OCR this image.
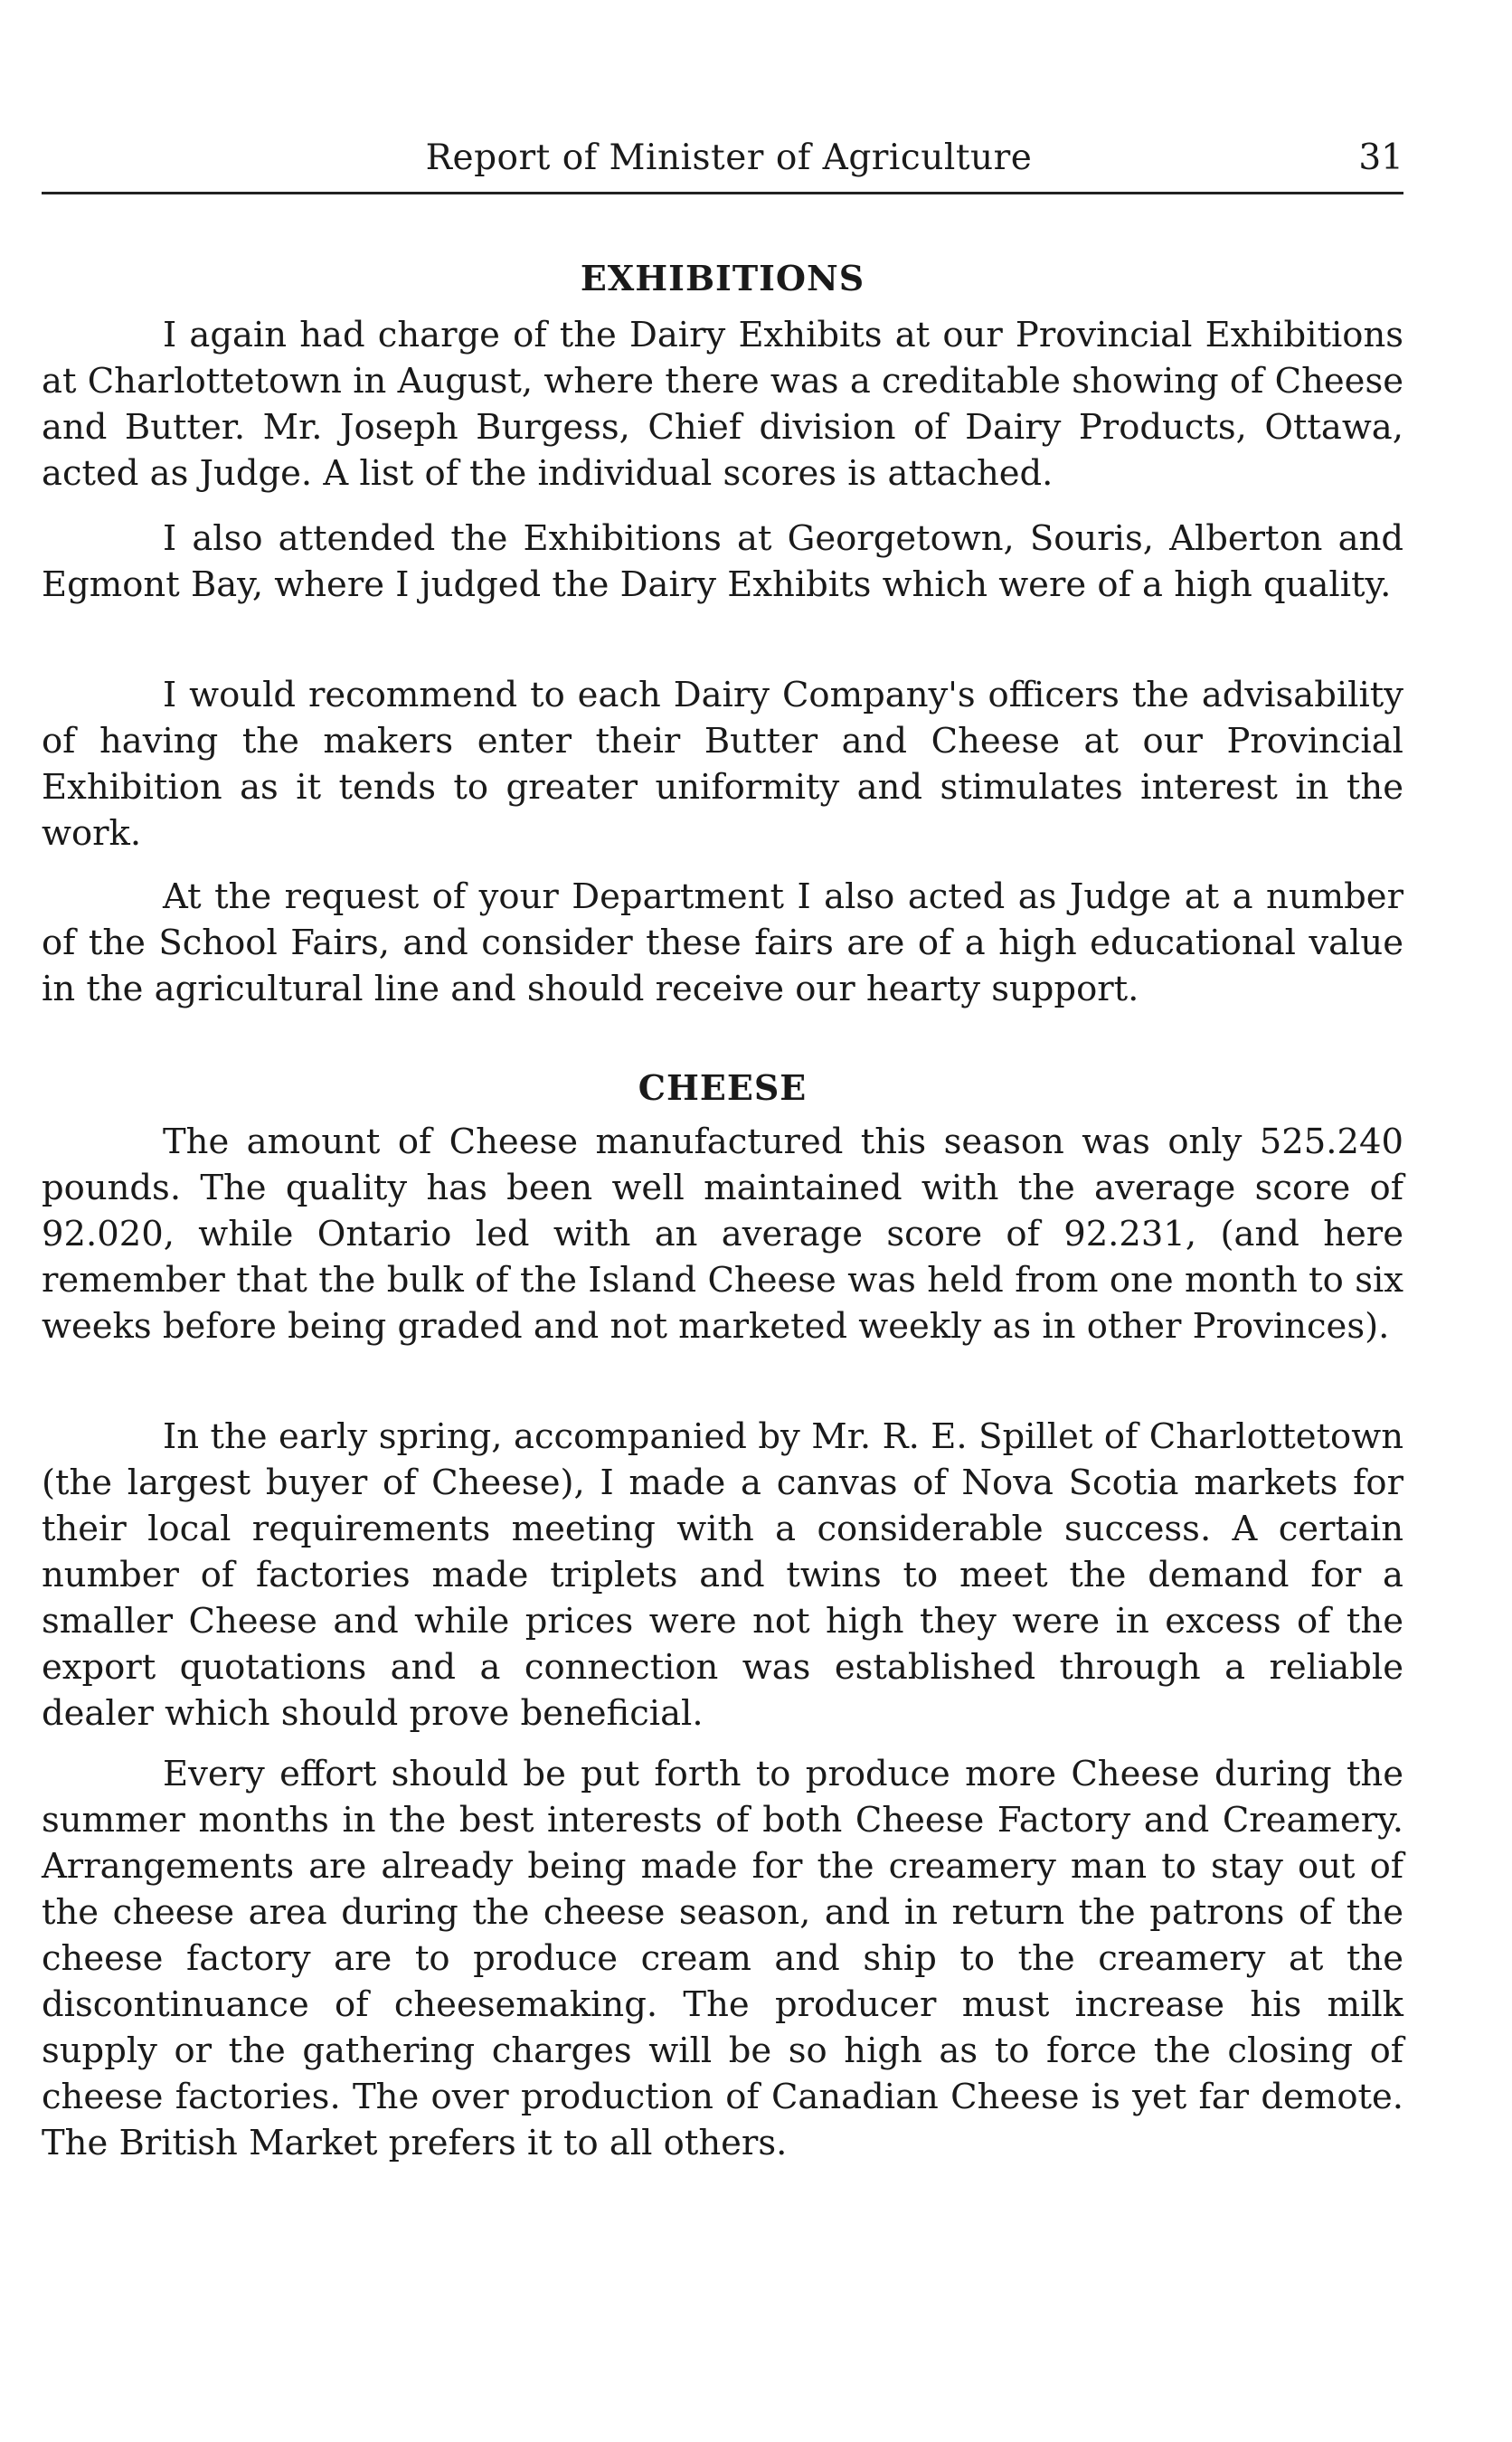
Report of Minister of Agriculture	31
EXHIBITIONS

I again had charge of the Dairy Exhibits at our Provincial Exhibitions at Charlottetown in August, where there was a creditable showing of Cheese and Butter. Mr. Joseph Burgess, Chief division of Dairy Products, Ottawa, acted as Judge. A list of the individual scores is attached.

I also attended the Exhibitions at Georgetown, Souris, Alberton and Egmont Bay, where I judged the Dairy Exhibits which were of a high quality.

I would recommend to each Dairy Company's officers the advisability of having the makers enter their Butter and Cheese at our Provincial Exhibition as it tends to greater uniformity and stimulates interest in the work.

At the request of your Department I also acted as Judge at a number of the School Fairs, and consider these fairs are of a high educational value in the agricultural line and should receive our hearty support.

CHEESE

The amount of Cheese manufactured this season was only 525.240 pounds. The quality has been well maintained with the average score of 92.020, while Ontario led with an average score of 92.231, (and here remember that the bulk of the Island Cheese was held from one month to six weeks before being graded and not marketed weekly as in other Provinces).

In the early spring, accompanied by Mr. R. E. Spillet of Charlottetown (the largest buyer of Cheese), I made a canvas of Nova Scotia markets for their local requirements meeting with a considerable success. A certain number of factories made triplets and twins to meet the demand for a smaller Cheese and while prices were not high they were in excess of the export quotations and a connection was established through a reliable dealer which should prove beneficial.

Every effort should be put forth to produce more Cheese during the summer months in the best interests of both Cheese Factory and Creamery. Arrangements are already being made for the creamery man to stay out of the cheese area during the cheese season, and in return the patrons of the cheese factory are to produce cream and ship to the creamery at the discontinuance of cheesemaking. The producer must increase his milk supply or the gathering charges will be so high as to force the closing of cheese factories. The over production of Canadian Cheese is yet far demote. The British Market prefers it to all others.
